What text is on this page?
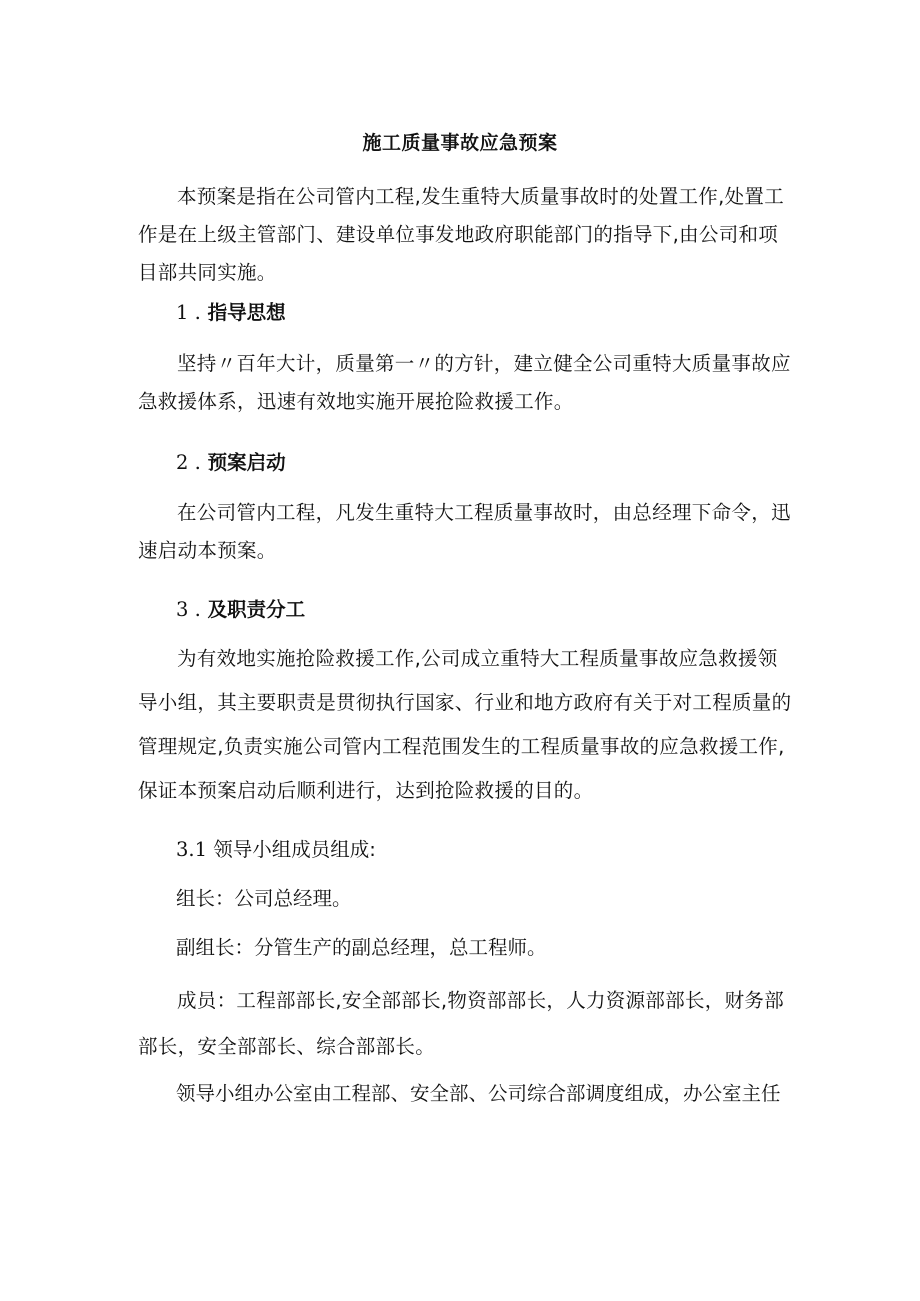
施工质量事故应急预案
本预案是指在公司管内工程,发生重特大质量事故时的处置工作,处置工
作是在上级主管部门、建设单位事发地政府职能部门的指导下,由公司和项
目部共同实施。
1 . 指导思想
坚持〃百年大计，质量第一〃的方针，建立健全公司重特大质量事故应
急救援体系，迅速有效地实施开展抢险救援工作。
2 . 预案启动
在公司管内工程，凡发生重特大工程质量事故时，由总经理下命令，迅
速启动本预案。
3 . 及职责分工
为有效地实施抢险救援工作,公司成立重特大工程质量事故应急救援领
导小组，其主要职责是贯彻执行国家、行业和地方政府有关于对工程质量的
管理规定,负责实施公司管内工程范围发生的工程质量事故的应急救援工作,
保证本预案启动后顺利进行，达到抢险救援的目的。
3.1 领导小组成员组成:
组长：公司总经理。
副组长：分管生产的副总经理，总工程师。
成员：工程部部长,安全部部长,物资部部长，人力资源部部长，财务部
部长，安全部部长、综合部部长。
领导小组办公室由工程部、安全部、公司综合部调度组成，办公室主任
